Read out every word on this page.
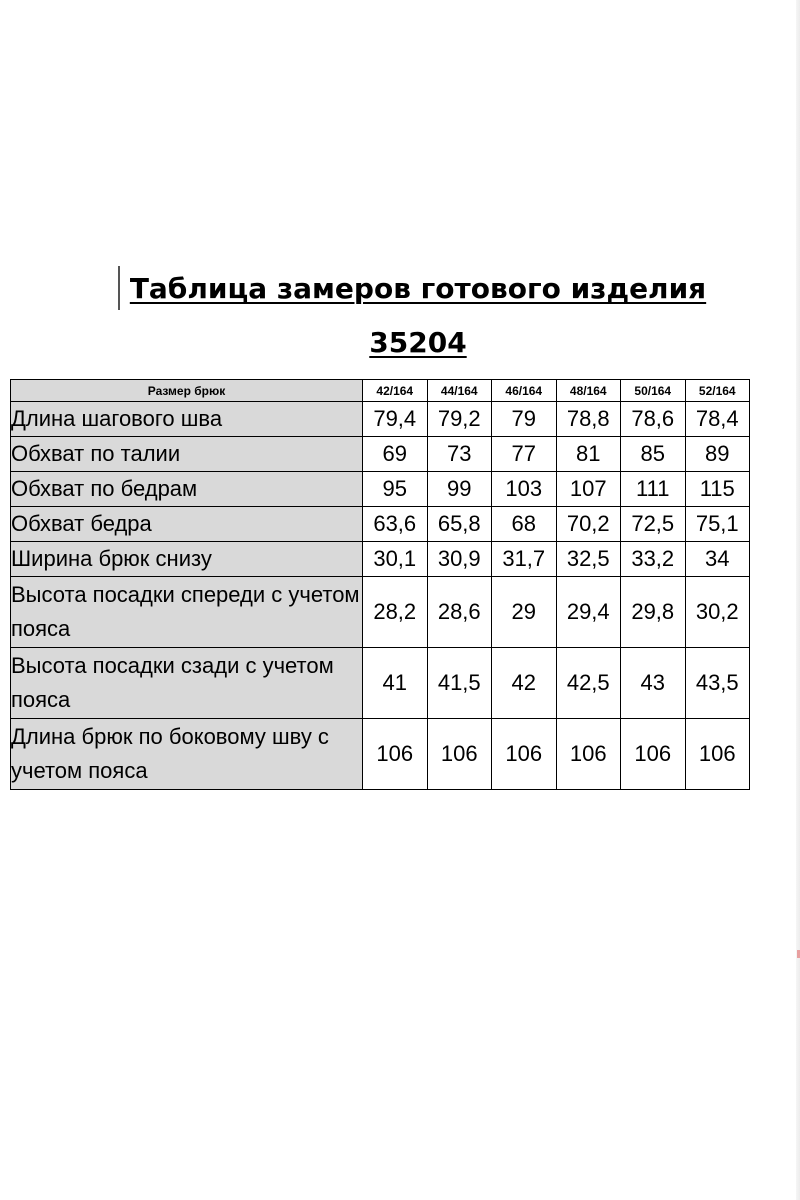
Таблица замеров готового изделия
35204
Размер брюк	42/164	44/164	46/164	48/164	50/164	52/164
Длина шагового шва	79,4	79,2	79	78,8	78,6	78,4
Обхват по талии	69	73	77	81	85	89
Обхват по бедрам	95	99	103	107	111	115
Обхват бедра	63,6	65,8	68	70,2	72,5	75,1
Ширина брюк снизу	30,1	30,9	31,7	32,5	33,2	34
Высота посадки спереди с учетом пояса	28,2	28,6	29	29,4	29,8	30,2
Высота посадки сзади с учетом пояса	41	41,5	42	42,5	43	43,5
Длина брюк по боковому шву с учетом пояса	106	106	106	106	106	106
